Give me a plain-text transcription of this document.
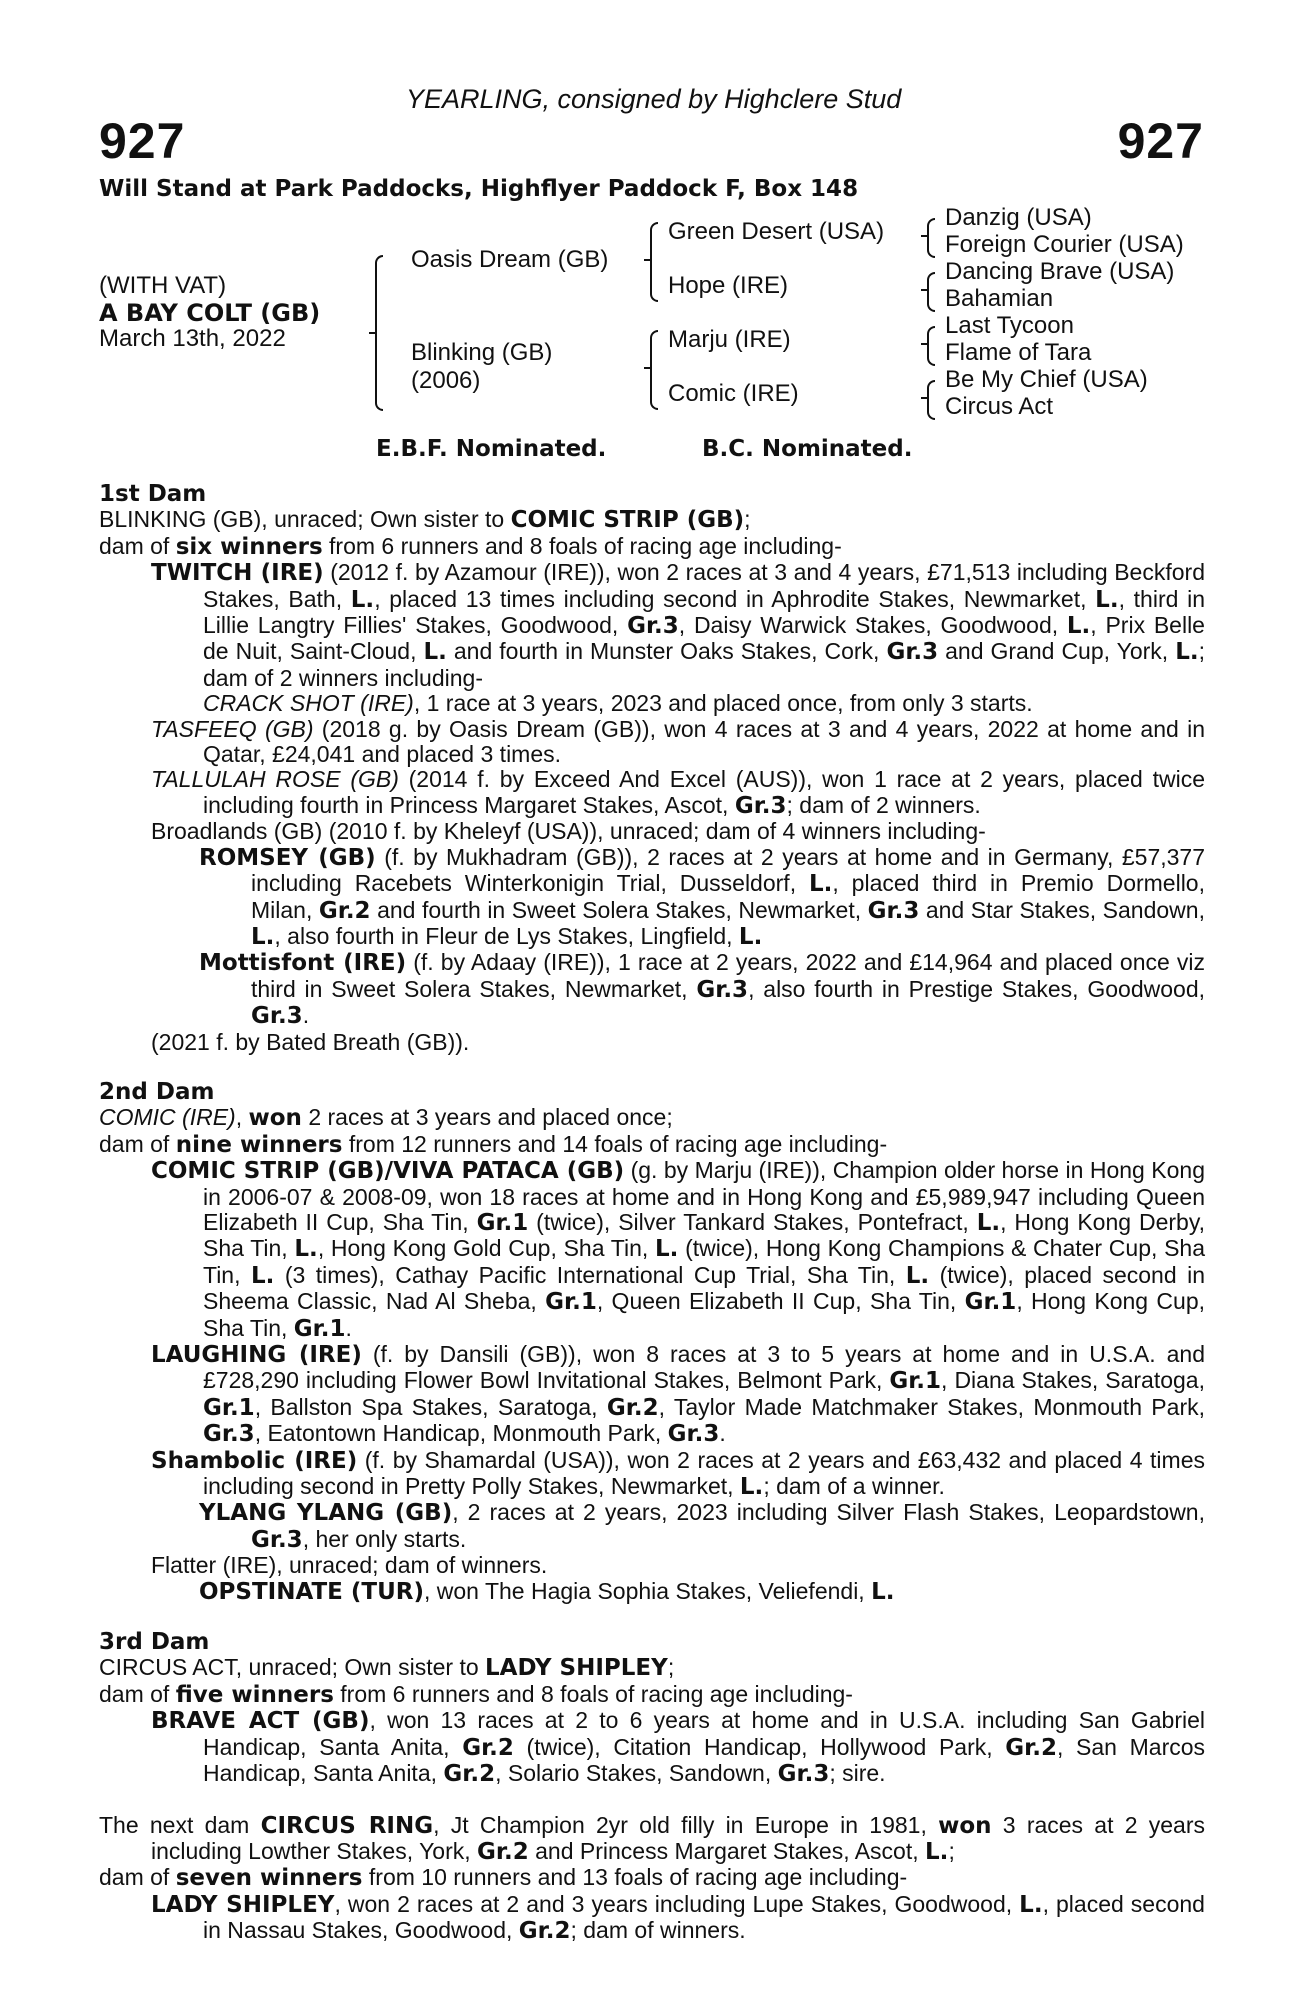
YEARLING, consigned by Highclere Stud
927	927
Will Stand at Park Paddocks, Highflyer Paddock F, Box 148
(WITH VAT)
A BAY COLT (GB)
March 13th, 2022
Oasis Dream (GB)
Blinking (GB)
(2006)
Green Desert (USA)
Hope (IRE)
Marju (IRE)
Comic (IRE)
Danzig (USA)
Foreign Courier (USA)
Dancing Brave (USA)
Bahamian
Last Tycoon
Flame of Tara
Be My Chief (USA)
Circus Act
E.B.F. Nominated.	B.C. Nominated.

1st Dam

BLINKING (GB), unraced; Own sister to COMIC STRIP (GB);

dam of six winners from 6 runners and 8 foals of racing age including-

TWITCH (IRE) (2012 f. by Azamour (IRE)), won 2 races at 3 and 4 years, £71,513 including Beckford Stakes, Bath, L., placed 13 times including second in Aphrodite Stakes, Newmarket, L., third in Lillie Langtry Fillies' Stakes, Goodwood, Gr.3, Daisy Warwick Stakes, Goodwood, L., Prix Belle de Nuit, Saint-Cloud, L. and fourth in Munster Oaks Stakes, Cork, Gr.3 and Grand Cup, York, L.; dam of 2 winners including-

CRACK SHOT (IRE), 1 race at 3 years, 2023 and placed once, from only 3 starts.

TASFEEQ (GB) (2018 g. by Oasis Dream (GB)), won 4 races at 3 and 4 years, 2022 at home and in Qatar, £24,041 and placed 3 times.

TALLULAH ROSE (GB) (2014 f. by Exceed And Excel (AUS)), won 1 race at 2 years, placed twice including fourth in Princess Margaret Stakes, Ascot, Gr.3; dam of 2 winners.

Broadlands (GB) (2010 f. by Kheleyf (USA)), unraced; dam of 4 winners including-

ROMSEY (GB) (f. by Mukhadram (GB)), 2 races at 2 years at home and in Germany, £57,377 including Racebets Winterkonigin Trial, Dusseldorf, L., placed third in Premio Dormello, Milan, Gr.2 and fourth in Sweet Solera Stakes, Newmarket, Gr.3 and Star Stakes, Sandown, L., also fourth in Fleur de Lys Stakes, Lingfield, L.

Mottisfont (IRE) (f. by Adaay (IRE)), 1 race at 2 years, 2022 and £14,964 and placed once viz third in Sweet Solera Stakes, Newmarket, Gr.3, also fourth in Prestige Stakes, Goodwood, Gr.3.

(2021 f. by Bated Breath (GB)).

2nd Dam

COMIC (IRE), won 2 races at 3 years and placed once;

dam of nine winners from 12 runners and 14 foals of racing age including-

COMIC STRIP (GB)/VIVA PATACA (GB) (g. by Marju (IRE)), Champion older horse in Hong Kong in 2006-07 & 2008-09, won 18 races at home and in Hong Kong and £5,989,947 including Queen Elizabeth II Cup, Sha Tin, Gr.1 (twice), Silver Tankard Stakes, Pontefract, L., Hong Kong Derby, Sha Tin, L., Hong Kong Gold Cup, Sha Tin, L. (twice), Hong Kong Champions & Chater Cup, Sha Tin, L. (3 times), Cathay Pacific International Cup Trial, Sha Tin, L. (twice), placed second in Sheema Classic, Nad Al Sheba, Gr.1, Queen Elizabeth II Cup, Sha Tin, Gr.1, Hong Kong Cup, Sha Tin, Gr.1.

LAUGHING (IRE) (f. by Dansili (GB)), won 8 races at 3 to 5 years at home and in U.S.A. and £728,290 including Flower Bowl Invitational Stakes, Belmont Park, Gr.1, Diana Stakes, Saratoga, Gr.1, Ballston Spa Stakes, Saratoga, Gr.2, Taylor Made Matchmaker Stakes, Monmouth Park, Gr.3, Eatontown Handicap, Monmouth Park, Gr.3.

Shambolic (IRE) (f. by Shamardal (USA)), won 2 races at 2 years and £63,432 and placed 4 times including second in Pretty Polly Stakes, Newmarket, L.; dam of a winner.

YLANG YLANG (GB), 2 races at 2 years, 2023 including Silver Flash Stakes, Leopardstown, Gr.3, her only starts.

Flatter (IRE), unraced; dam of winners.

OPSTINATE (TUR), won The Hagia Sophia Stakes, Veliefendi, L.

3rd Dam

CIRCUS ACT, unraced; Own sister to LADY SHIPLEY;

dam of five winners from 6 runners and 8 foals of racing age including-

BRAVE ACT (GB), won 13 races at 2 to 6 years at home and in U.S.A. including San Gabriel Handicap, Santa Anita, Gr.2 (twice), Citation Handicap, Hollywood Park, Gr.2, San Marcos Handicap, Santa Anita, Gr.2, Solario Stakes, Sandown, Gr.3; sire.

The next dam CIRCUS RING, Jt Champion 2yr old filly in Europe in 1981, won 3 races at 2 years including Lowther Stakes, York, Gr.2 and Princess Margaret Stakes, Ascot, L.;

dam of seven winners from 10 runners and 13 foals of racing age including-

LADY SHIPLEY, won 2 races at 2 and 3 years including Lupe Stakes, Goodwood, L., placed second in Nassau Stakes, Goodwood, Gr.2; dam of winners.
